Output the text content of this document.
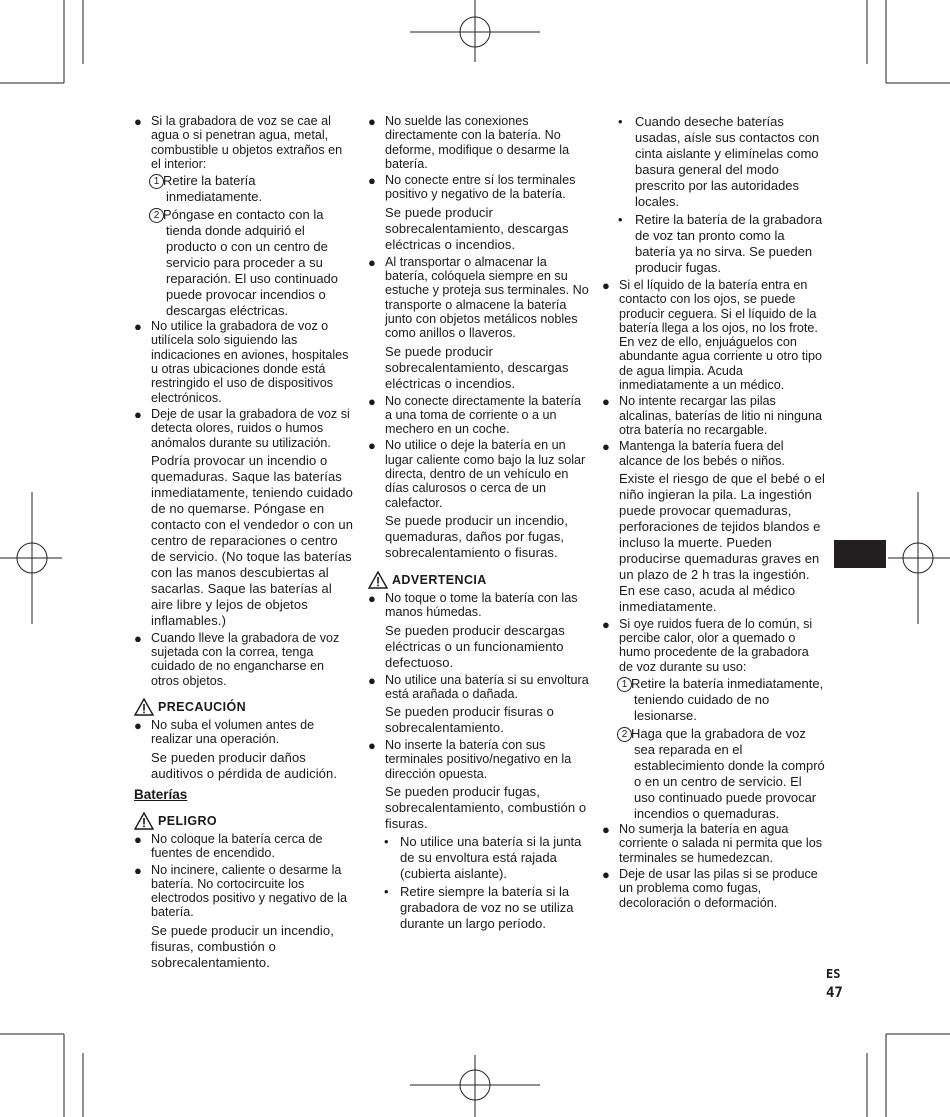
● Si la grabadora de voz se cae al agua o si penetran agua, metal, combustible u objetos extraños en el interior:
1 Retire la batería inmediatamente.
2 Póngase en contacto con la tienda donde adquirió el producto o con un centro de servicio para proceder a su reparación. El uso continuado puede provocar incendios o descargas eléctricas.
● No utilice la grabadora de voz o utilícela solo siguiendo las indicaciones en aviones, hospitales u otras ubicaciones donde está restringido el uso de dispositivos electrónicos.
● Deje de usar la grabadora de voz si detecta olores, ruidos o humos anómalos durante su utilización.
Podría provocar un incendio o quemaduras. Saque las baterías inmediatamente, teniendo cuidado de no quemarse. Póngase en contacto con el vendedor o con un centro de reparaciones o centro de servicio. (No toque las baterías con las manos descubiertas al sacarlas. Saque las baterías al aire libre y lejos de objetos inflamables.)
● Cuando lleve la grabadora de voz sujetada con la correa, tenga cuidado de no engancharse en otros objetos.
PRECAUCIÓN
● No suba el volumen antes de realizar una operación.
Se pueden producir daños auditivos o pérdida de audición.
Baterías
PELIGRO
● No coloque la batería cerca de fuentes de encendido.
● No incinere, caliente o desarme la batería. No cortocircuite los electrodos positivo y negativo de la batería.
Se puede producir un incendio, fisuras, combustión o sobrecalentamiento.
● No suelde las conexiones directamente con la batería. No deforme, modifique o desarme la batería.
● No conecte entre sí los terminales positivo y negativo de la batería.
Se puede producir sobrecalentamiento, descargas eléctricas o incendios.
● Al transportar o almacenar la batería, colóquela siempre en su estuche y proteja sus terminales. No transporte o almacene la batería junto con objetos metálicos nobles como anillos o llaveros.
Se puede producir sobrecalentamiento, descargas eléctricas o incendios.
● No conecte directamente la batería a una toma de corriente o a un mechero en un coche.
● No utilice o deje la batería en un lugar caliente como bajo la luz solar directa, dentro de un vehículo en días calurosos o cerca de un calefactor.
Se puede producir un incendio, quemaduras, daños por fugas, sobrecalentamiento o fisuras.
ADVERTENCIA
● No toque o tome la batería con las manos húmedas.
Se pueden producir descargas eléctricas o un funcionamiento defectuoso.
● No utilice una batería si su envoltura está arañada o dañada.
Se pueden producir fisuras o sobrecalentamiento.
● No inserte la batería con sus terminales positivo/negativo en la dirección opuesta.
Se pueden producir fugas, sobrecalentamiento, combustión o fisuras.
• No utilice una batería si la junta de su envoltura está rajada (cubierta aislante).
• Retire siempre la batería si la grabadora de voz no se utiliza durante un largo período.
• Cuando deseche baterías usadas, aísle sus contactos con cinta aislante y elimínelas como basura general del modo prescrito por las autoridades locales.
• Retire la batería de la grabadora de voz tan pronto como la batería ya no sirva. Se pueden producir fugas.
● Si el líquido de la batería entra en contacto con los ojos, se puede producir ceguera. Si el líquido de la batería llega a los ojos, no los frote. En vez de ello, enjuáguelos con abundante agua corriente u otro tipo de agua limpia. Acuda inmediatamente a un médico.
● No intente recargar las pilas alcalinas, baterías de litio ni ninguna otra batería no recargable.
● Mantenga la batería fuera del alcance de los bebés o niños.
Existe el riesgo de que el bebé o el niño ingieran la pila. La ingestión puede provocar quemaduras, perforaciones de tejidos blandos e incluso la muerte. Pueden producirse quemaduras graves en un plazo de 2 h tras la ingestión. En ese caso, acuda al médico inmediatamente.
● Si oye ruidos fuera de lo común, si percibe calor, olor a quemado o humo procedente de la grabadora de voz durante su uso:
1 Retire la batería inmediatamente, teniendo cuidado de no lesionarse.
2 Haga que la grabadora de voz sea reparada en el establecimiento donde la compró o en un centro de servicio. El uso continuado puede provocar incendios o quemaduras.
● No sumerja la batería en agua corriente o salada ni permita que los terminales se humedezcan.
● Deje de usar las pilas si se produce un problema como fugas, decoloración o deformación.
ES
47
